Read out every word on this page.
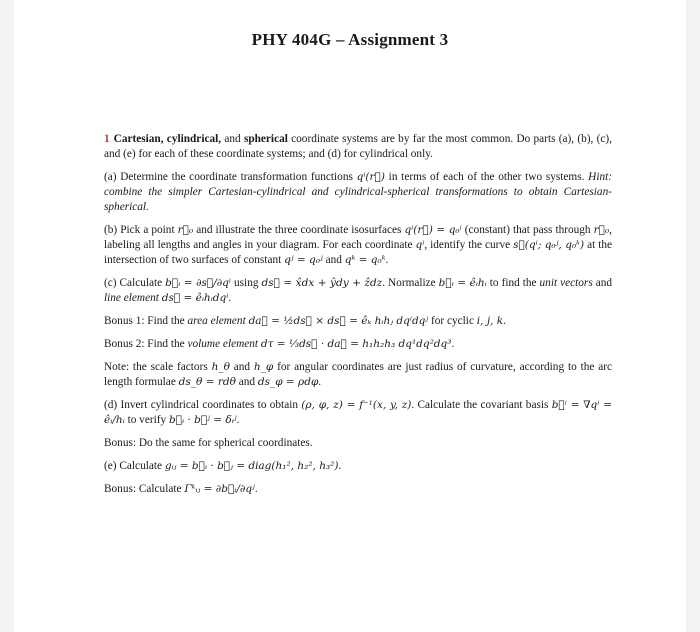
PHY 404G – Assignment 3

1 Cartesian, cylindrical, and spherical coordinate systems are by far the most common. Do parts (a), (b), (c), and (e) for each of these coordinate systems; and (d) for cylindrical only.

(a) Determine the coordinate transformation functions qⁱ(r⃗) in terms of each of the other two systems. Hint: combine the simpler Cartesian-cylindrical and cylindrical-spherical transformations to obtain Cartesian-spherical.

(b) Pick a point r⃗₀ and illustrate the three coordinate isosurfaces qⁱ(r⃗) = q₀ⁱ (constant) that pass through r⃗₀, labeling all lengths and angles in your diagram. For each coordinate qⁱ, identify the curve s⃗(qⁱ; q₀ʲ, q₀ᵏ) at the intersection of two surfaces of constant qʲ = q₀ʲ and qᵏ = q₀ᵏ.

(c) Calculate b⃗ᵢ = ∂s⃗/∂qⁱ using ds⃗ = x̂dx + ŷdy + ẑdz. Normalize b⃗ᵢ = êᵢhᵢ to find the unit vectors and line element ds⃗ = êᵢhᵢdqⁱ.

Bonus 1: Find the area element da⃗ = ½ds⃗ × ds⃗ = êₖ hᵢhⱼ dqⁱdqʲ for cyclic i, j, k.

Bonus 2: Find the volume element dτ = ⅓ds⃗ · da⃗ = h₁h₂h₃ dq¹dq²dq³.

Note: the scale factors h_θ and h_φ for angular coordinates are just radius of curvature, according to the arc length formulae ds_θ = rdθ and ds_φ = ρdφ.

(d) Invert cylindrical coordinates to obtain (ρ, φ, z) = f⁻¹(x, y, z). Calculate the covariant basis b⃗ⁱ = ∇qⁱ = êᵢ/hᵢ to verify b⃗ᵢ · b⃗ʲ = δᵢʲ.

Bonus: Do the same for spherical coordinates.

(e) Calculate gᵢⱼ = b⃗ᵢ · b⃗ⱼ = diag(h₁², h₂², h₃²).

Bonus: Calculate Γᵏᵢⱼ = ∂b⃗ᵢ/∂qʲ.
